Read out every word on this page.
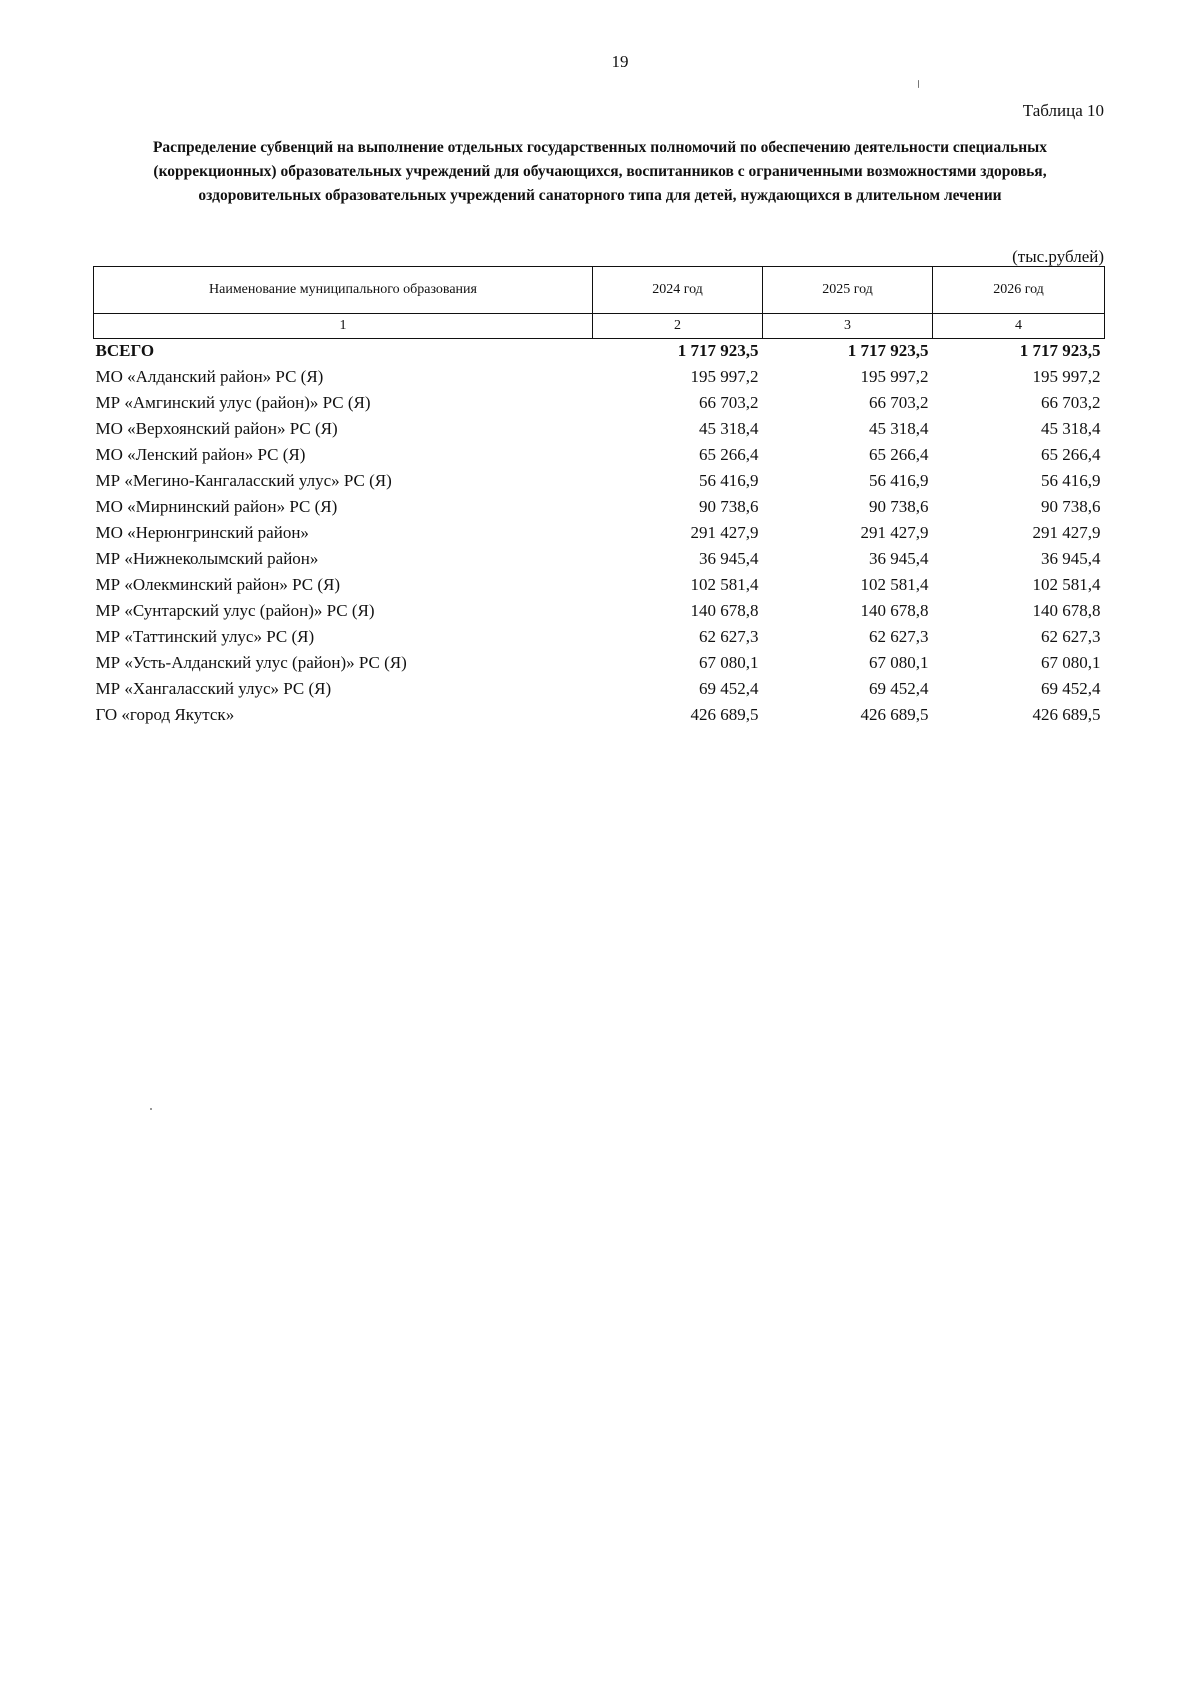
19
Таблица 10
Распределение субвенций на выполнение отдельных государственных полномочий по обеспечению деятельности специальных (коррекционных) образовательных учреждений для обучающихся, воспитанников с ограниченными возможностями здоровья, оздоровительных образовательных учреждений санаторного типа для детей, нуждающихся в длительном лечении
(тыс.рублей)
Наименование муниципального образования	2024 год	2025 год	2026 год
1	2	3	4
ВСЕГО	1 717 923,5	1 717 923,5	1 717 923,5
МО «Алданский район» РС (Я)	195 997,2	195 997,2	195 997,2
МР «Амгинский улус (район)» РС (Я)	66 703,2	66 703,2	66 703,2
МО «Верхоянский район» РС (Я)	45 318,4	45 318,4	45 318,4
МО «Ленский район» РС (Я)	65 266,4	65 266,4	65 266,4
МР «Мегино-Кангаласский улус» РС (Я)	56 416,9	56 416,9	56 416,9
МО «Мирнинский район» РС (Я)	90 738,6	90 738,6	90 738,6
МО «Нерюнгринский район»	291 427,9	291 427,9	291 427,9
МР «Нижнеколымский район»	36 945,4	36 945,4	36 945,4
МР «Олекминский район» РС (Я)	102 581,4	102 581,4	102 581,4
МР «Сунтарский улус (район)» РС (Я)	140 678,8	140 678,8	140 678,8
МР «Таттинский улус» РС (Я)	62 627,3	62 627,3	62 627,3
МР «Усть-Алданский улус (район)» РС (Я)	67 080,1	67 080,1	67 080,1
МР «Хангаласский улус» РС (Я)	69 452,4	69 452,4	69 452,4
ГО «город Якутск»	426 689,5	426 689,5	426 689,5
